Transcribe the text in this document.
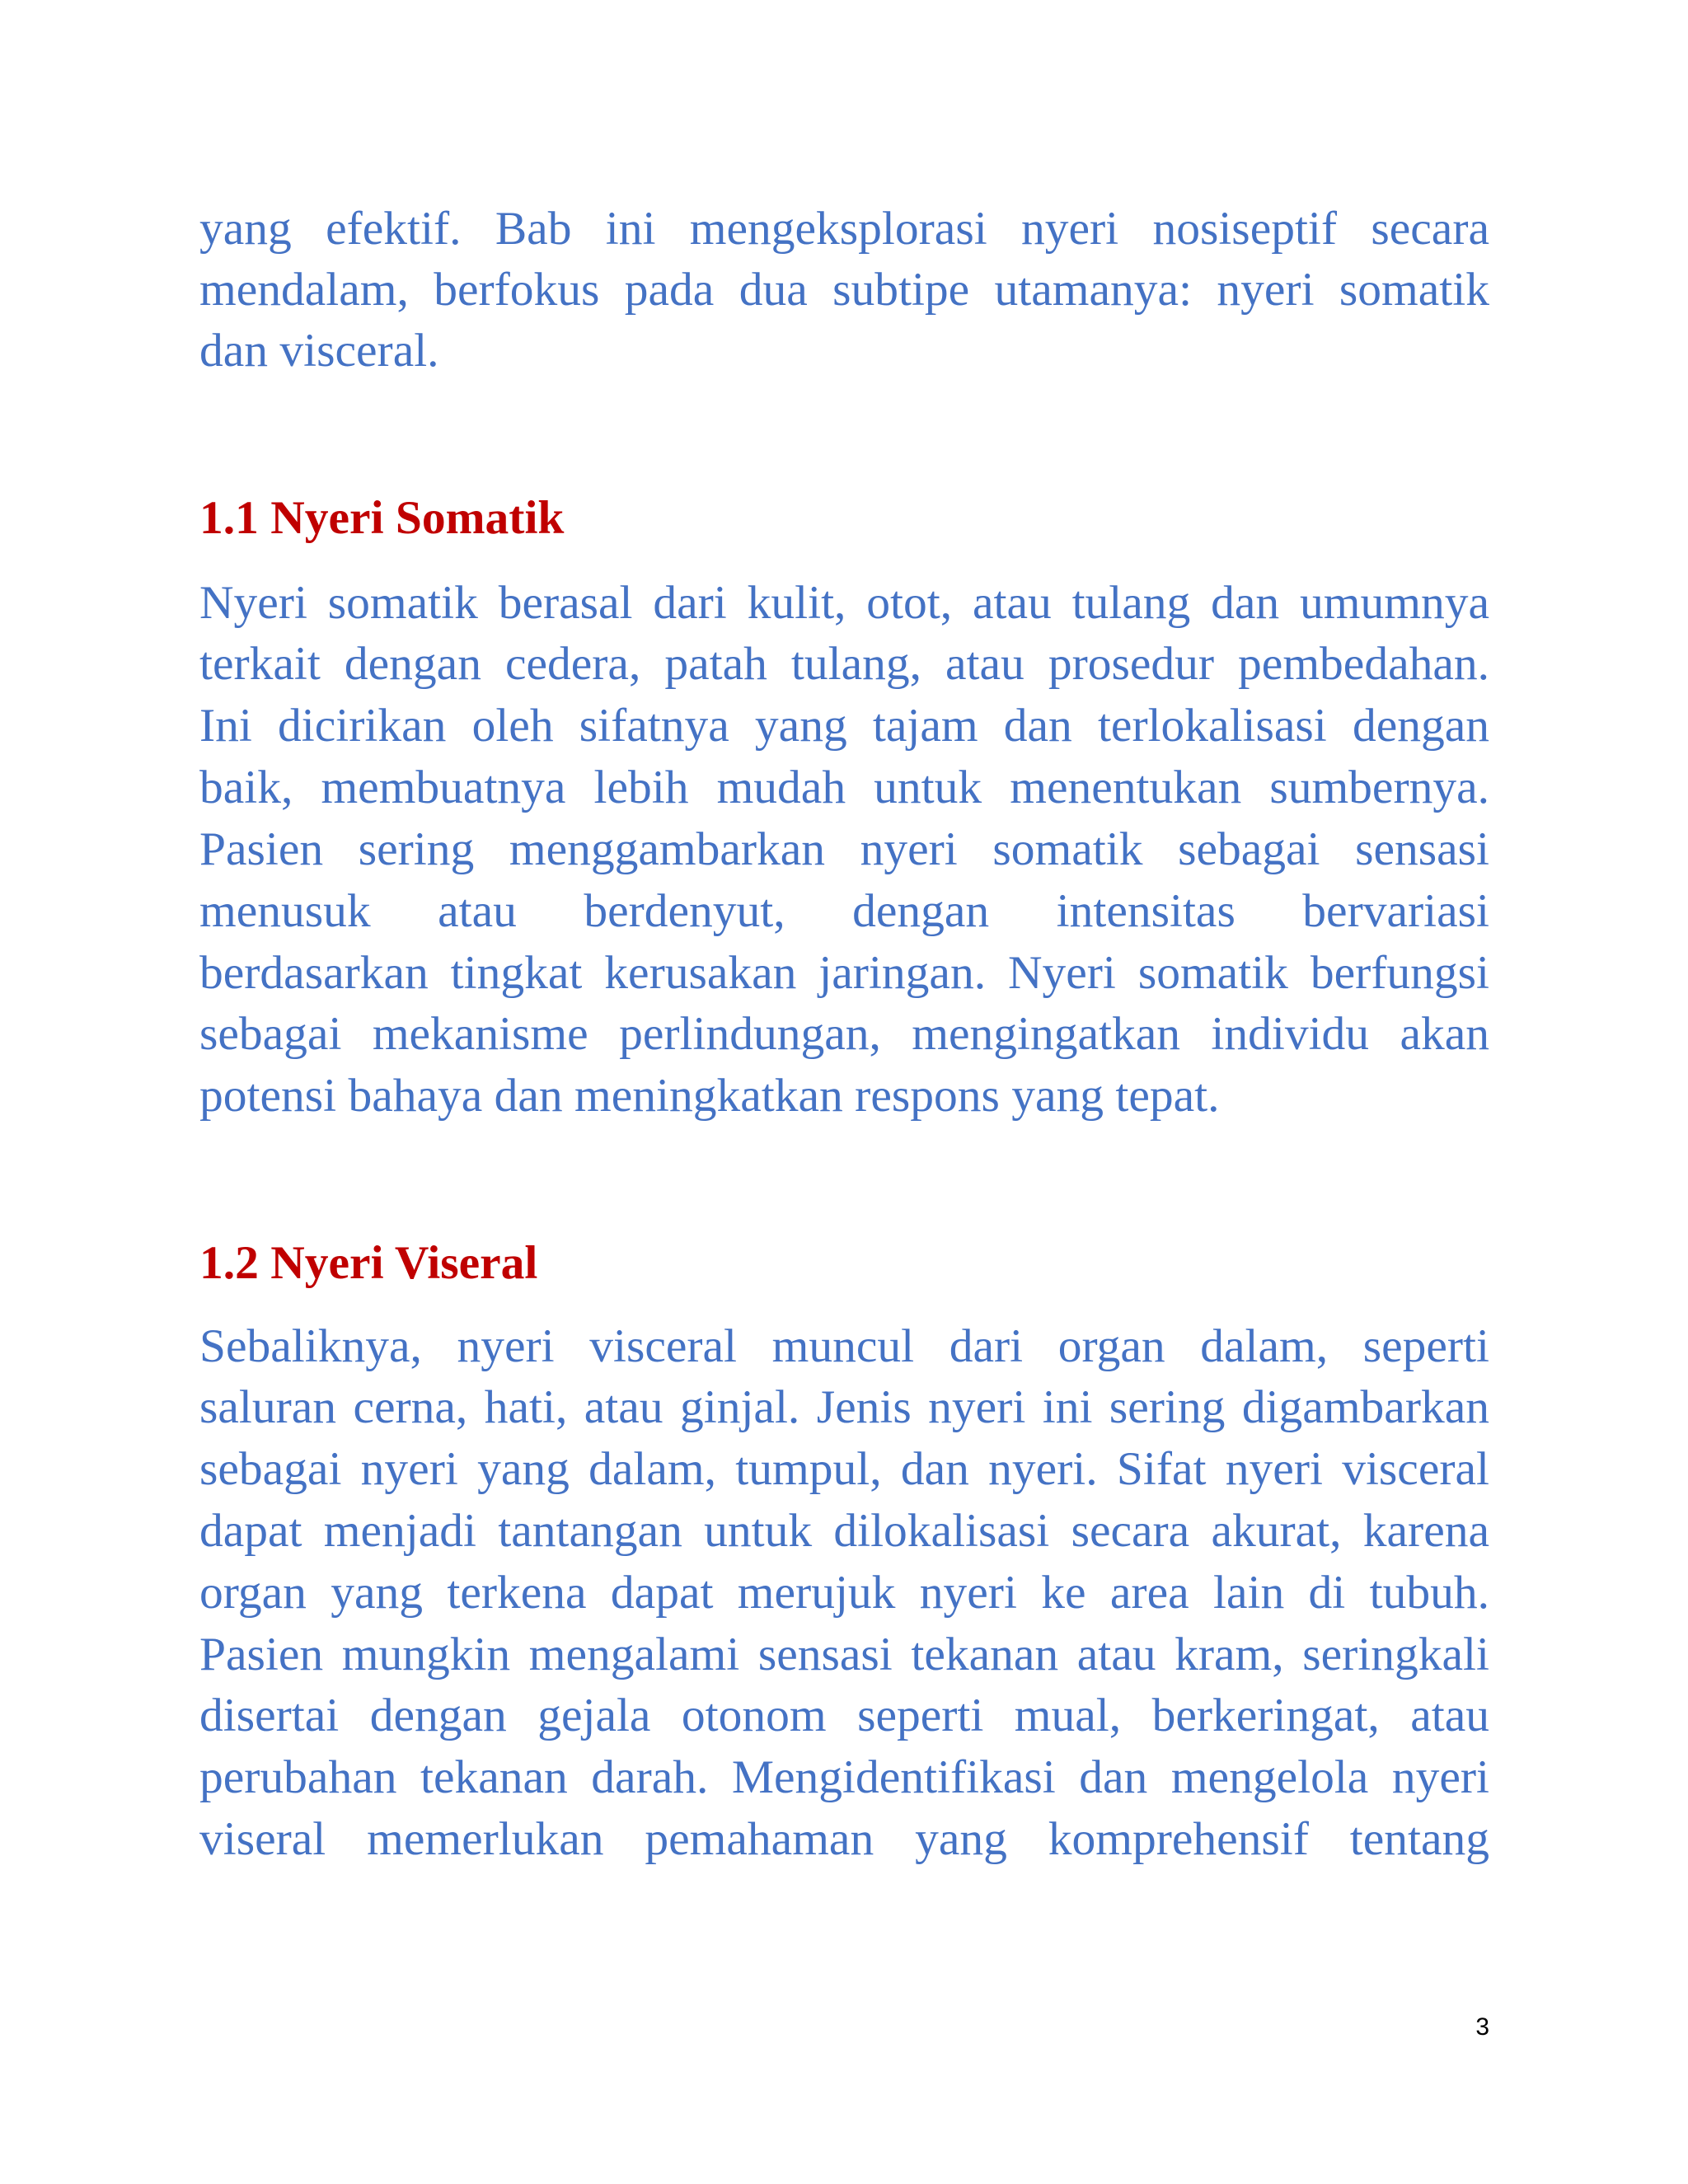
yang efektif. Bab ini mengeksplorasi nyeri nosiseptif secara
mendalam, berfokus pada dua subtipe utamanya: nyeri somatik
dan visceral.
1.1 Nyeri Somatik
Nyeri somatik berasal dari kulit, otot, atau tulang dan umumnya
terkait dengan cedera, patah tulang, atau prosedur pembedahan.
Ini dicirikan oleh sifatnya yang tajam dan terlokalisasi dengan
baik, membuatnya lebih mudah untuk menentukan sumbernya.
Pasien sering menggambarkan nyeri somatik sebagai sensasi
menusuk atau berdenyut, dengan intensitas bervariasi
berdasarkan tingkat kerusakan jaringan. Nyeri somatik berfungsi
sebagai mekanisme perlindungan, mengingatkan individu akan
potensi bahaya dan meningkatkan respons yang tepat.
1.2 Nyeri Viseral
Sebaliknya, nyeri visceral muncul dari organ dalam, seperti
saluran cerna, hati, atau ginjal. Jenis nyeri ini sering digambarkan
sebagai nyeri yang dalam, tumpul, dan nyeri. Sifat nyeri visceral
dapat menjadi tantangan untuk dilokalisasi secara akurat, karena
organ yang terkena dapat merujuk nyeri ke area lain di tubuh.
Pasien mungkin mengalami sensasi tekanan atau kram, seringkali
disertai dengan gejala otonom seperti mual, berkeringat, atau
perubahan tekanan darah. Mengidentifikasi dan mengelola nyeri
viseral memerlukan pemahaman yang komprehensif tentang
3
